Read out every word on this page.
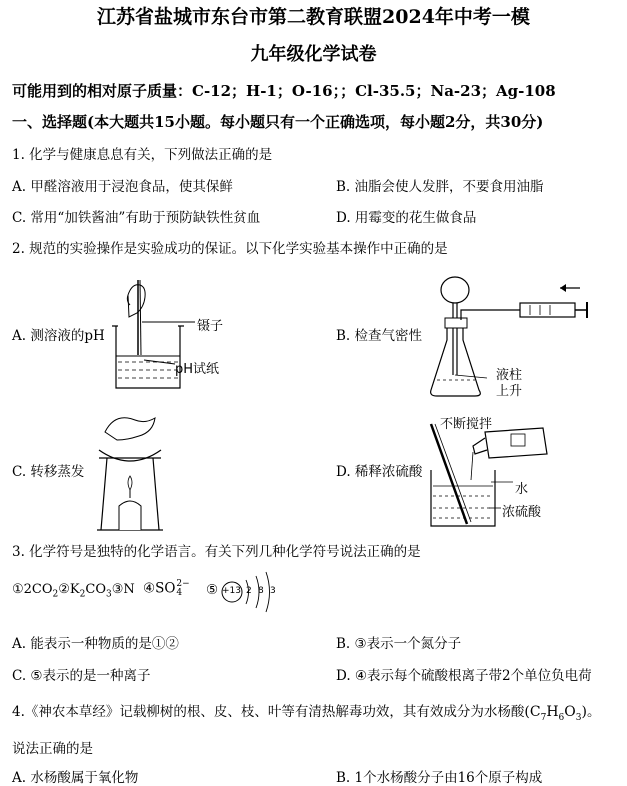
江苏省盐城市东台市第二教育联盟2024年中考一模
九年级化学试卷
可能用到的相对原子质量：C-12；H-1；O-16；；Cl-35.5；Na-23；Ag-108
一、选择题(本大题共15小题。每小题只有一个正确选项，每小题2分，共30分)
1. 化学与健康息息有关，下列做法正确的是
A. 甲醛溶液用于浸泡食品，使其保鲜	B. 油脂会使人发胖，不要食用油脂
C. 常用“加铁酱油”有助于预防缺铁性贫血	D. 用霉变的花生做食品
2. 规范的实验操作是实验成功的保证。以下化学实验基本操作中正确的是
A. 测溶液的pH	B. 检查气密性
C. 转移蒸发	D. 稀释浓硫酸
镊子
pH试纸	液柱
上升
不断搅拌
水
浓硫酸
3. 化学符号是独特的化学语言。有关下列几种化学符号说法正确的是
$①2CO_2②K_2CO_3③N$ ④SO 2−
4	⑤ +13 2 8 3
A. 能表示一种物质的是①②	B. ③表示一个氮分子
C. ⑤表示的是一种离子	D. ④表示每个硫酸根离子带2个单位负电荷
4.《神农本草经》记载柳树的根、皮、枝、叶等有清热解毒功效，其有效成分为水杨酸$(C_7H_6O_3)$。
说法正确的是
A. 水杨酸属于氧化物	B. 1个水杨酸分子由16个原子构成
